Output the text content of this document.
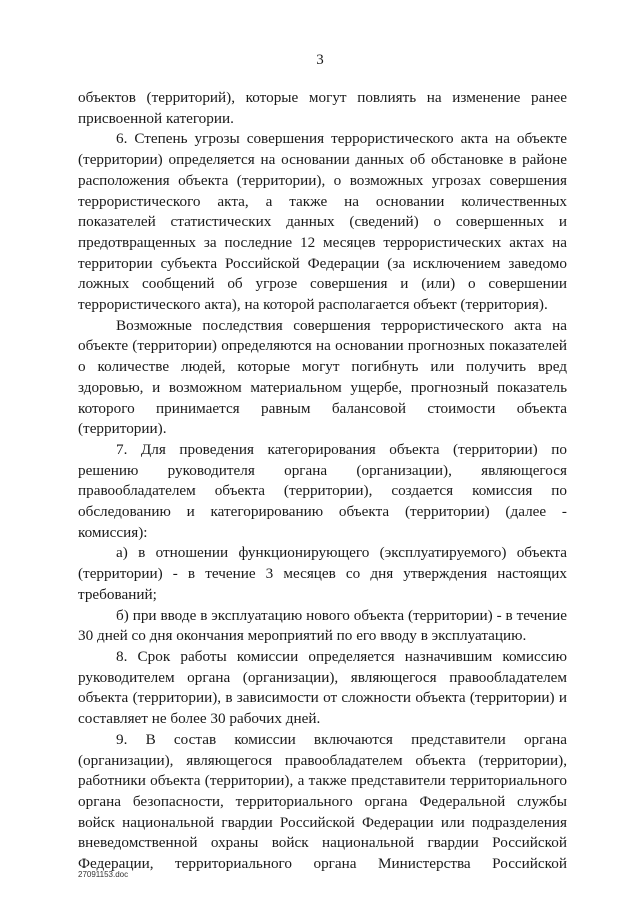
3

объектов (территорий), которые могут повлиять на изменение ранее присвоенной категории.

6. Степень угрозы совершения террористического акта на объекте (территории) определяется на основании данных об обстановке в районе расположения объекта (территории), о возможных угрозах совершения террористического акта, а также на основании количественных показателей статистических данных (сведений) о совершенных и предотвращенных за последние 12 месяцев террористических актах на территории субъекта Российской Федерации (за исключением заведомо ложных сообщений об угрозе совершения и (или) о совершении террористического акта), на которой располагается объект (территория).

Возможные последствия совершения террористического акта на объекте (территории) определяются на основании прогнозных показателей о количестве людей, которые могут погибнуть или получить вред здоровью, и возможном материальном ущербе, прогнозный показатель которого принимается равным балансовой стоимости объекта (территории).

7. Для проведения категорирования объекта (территории) по решению руководителя органа (организации), являющегося правообладателем объекта (территории), создается комиссия по обследованию и категорированию объекта (территории) (далее - комиссия):

а) в отношении функционирующего (эксплуатируемого) объекта (территории) - в течение 3 месяцев со дня утверждения настоящих требований;

б) при вводе в эксплуатацию нового объекта (территории) - в течение 30 дней со дня окончания мероприятий по его вводу в эксплуатацию.

8. Срок работы комиссии определяется назначившим комиссию руководителем органа (организации), являющегося правообладателем объекта (территории), в зависимости от сложности объекта (территории) и составляет не более 30 рабочих дней.

9. В состав комиссии включаются представители органа (организации), являющегося правообладателем объекта (территории), работники объекта (территории), а также представители территориального органа безопасности, территориального органа Федеральной службы войск национальной гвардии Российской Федерации или подразделения вневедомственной охраны войск национальной гвардии Российской Федерации, территориального органа Министерства Российской

27091153.doc
